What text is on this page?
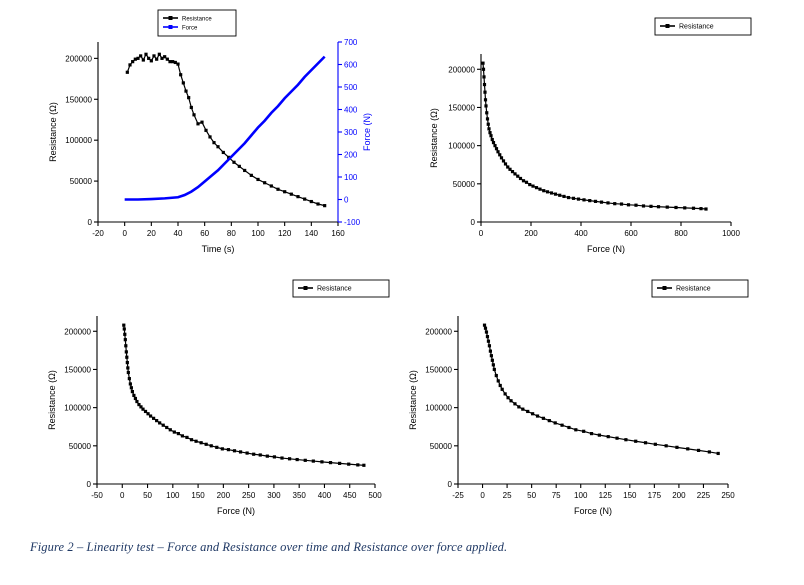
0
50000
100000
150000
200000
-20 0 20 40 60 80 100 120 140 160
Time (s)
Resistance (Ω)
-100
0
100
200
300
400
500
600
700
Force (N)
Resistance
Force
0
50000
100000
150000
200000
0	200	400	600	800	1000
Force (N)
Resistance (Ω)
Resistance
0
50000
100000
150000
200000
-50 0 50 100 150 200 250 300 350 400 450 500
Force (N)
Resistance (Ω)
Resistance
0
50000
100000
150000
200000
-25 0 25 50 75 100 125 150 175 200 225 250
Force (N)
Resistance (Ω)
Resistance
Figure 2 – Linearity test – Force and Resistance over time and Resistance over force applied.
